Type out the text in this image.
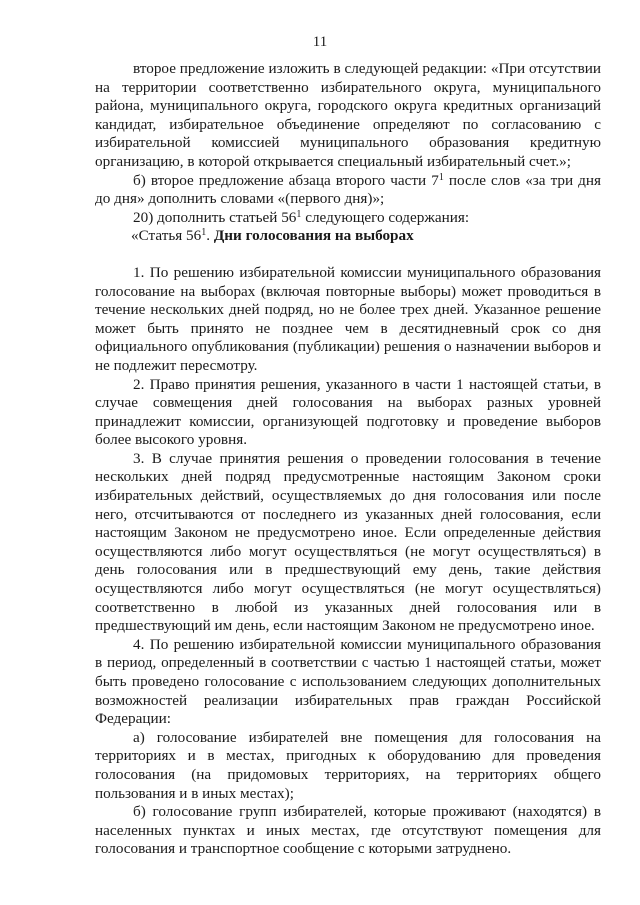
11

второе предложение изложить в следующей редакции: «При отсутствии на территории соответственно избирательного округа, муниципального района, муниципального округа, городского округа кредитных организаций кандидат, избирательное объединение определяют по согласованию с избирательной комиссией муниципального образования кредитную организацию, в которой открывается специальный избирательный счет.»;

б) второе предложение абзаца второго части $7^1$ после слов «за три дня до дня» дополнить словами «(первого дня)»;

20) дополнить статьей $56^1$ следующего содержания:

«Статья $56^1$. Дни голосования на выборах

1. По решению избирательной комиссии муниципального образования голосование на выборах (включая повторные выборы) может проводиться в течение нескольких дней подряд, но не более трех дней. Указанное решение может быть принято не позднее чем в десятидневный срок со дня официального опубликования (публикации) решения о назначении выборов и не подлежит пересмотру.

2. Право принятия решения, указанного в части 1 настоящей статьи, в случае совмещения дней голосования на выборах разных уровней принадлежит комиссии, организующей подготовку и проведение выборов более высокого уровня.

3. В случае принятия решения о проведении голосования в течение нескольких дней подряд предусмотренные настоящим Законом сроки избирательных действий, осуществляемых до дня голосования или после него, отсчитываются от последнего из указанных дней голосования, если настоящим Законом не предусмотрено иное. Если определенные действия осуществляются либо могут осуществляться (не могут осуществляться) в день голосования или в предшествующий ему день, такие действия осуществляются либо могут осуществляться (не могут осуществляться) соответственно в любой из указанных дней голосования или в предшествующий им день, если настоящим Законом не предусмотрено иное.

4. По решению избирательной комиссии муниципального образования в период, определенный в соответствии с частью 1 настоящей статьи, может быть проведено голосование с использованием следующих дополнительных возможностей реализации избирательных прав граждан Российской Федерации:

а) голосование избирателей вне помещения для голосования на территориях и в местах, пригодных к оборудованию для проведения голосования (на придомовых территориях, на территориях общего пользования и в иных местах);

б) голосование групп избирателей, которые проживают (находятся) в населенных пунктах и иных местах, где отсутствуют помещения для голосования и транспортное сообщение с которыми затруднено.
